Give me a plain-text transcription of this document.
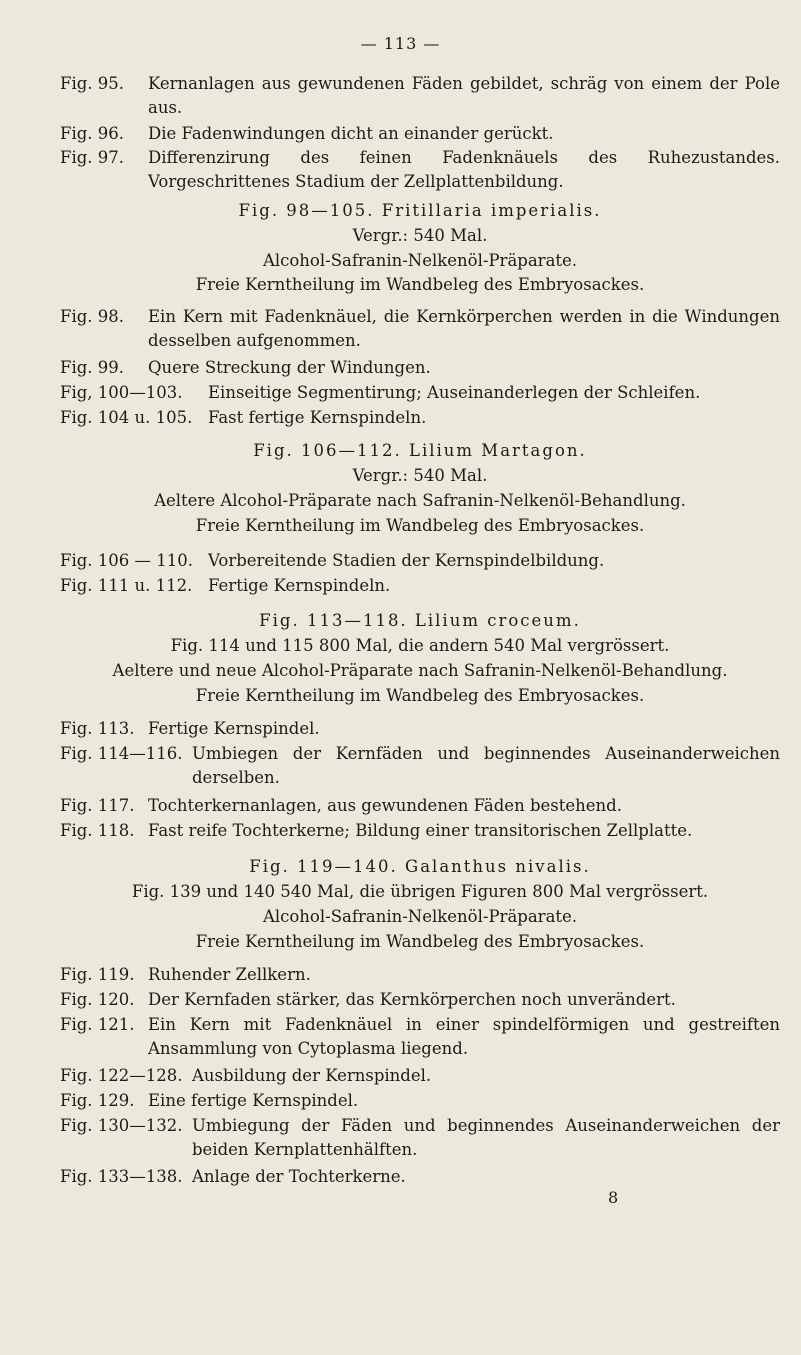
— 113 —
Fig. 95. Kernanlagen aus gewundenen Fäden gebildet, schräg von einem der Pole aus.
Fig. 96. Die Fadenwindungen dicht an einander gerückt.
Fig. 97. Differenzirung des feinen Fadenknäuels des Ruhezustandes. Vorgeschrittenes Stadium der Zellplattenbildung.
Fig. 98—105. Fritillaria imperialis.
Vergr.: 540 Mal.
Alcohol-Safranin-Nelkenöl-Präparate.
Freie Kerntheilung im Wandbeleg des Embryosackes.
Fig. 98. Ein Kern mit Fadenknäuel, die Kernkörperchen werden in die Windungen desselben aufgenommen.
Fig. 99. Quere Streckung der Windungen.
Fig, 100—103. Einseitige Segmentirung; Auseinanderlegen der Schleifen.
Fig. 104 u. 105. Fast fertige Kernspindeln.
Fig. 106—112. Lilium Martagon.
Vergr.: 540 Mal.
Aeltere Alcohol-Präparate nach Safranin-Nelkenöl-Behandlung.
Freie Kerntheilung im Wandbeleg des Embryosackes.
Fig. 106 — 110. Vorbereitende Stadien der Kernspindelbildung.
Fig. 111 u. 112. Fertige Kernspindeln.
Fig. 113—118. Lilium croceum.
Fig. 114 und 115 800 Mal, die andern 540 Mal vergrössert.
Aeltere und neue Alcohol-Präparate nach Safranin-Nelkenöl-Behandlung.
Freie Kerntheilung im Wandbeleg des Embryosackes.
Fig. 113. Fertige Kernspindel.
Fig. 114—116. Umbiegen der Kernfäden und beginnendes Auseinanderweichen derselben.
Fig. 117. Tochterkernanlagen, aus gewundenen Fäden bestehend.
Fig. 118. Fast reife Tochterkerne; Bildung einer transitorischen Zellplatte.
Fig. 119—140. Galanthus nivalis.
Fig. 139 und 140 540 Mal, die übrigen Figuren 800 Mal vergrössert.
Alcohol-Safranin-Nelkenöl-Präparate.
Freie Kerntheilung im Wandbeleg des Embryosackes.
Fig. 119. Ruhender Zellkern.
Fig. 120. Der Kernfaden stärker, das Kernkörperchen noch unverändert.
Fig. 121. Ein Kern mit Fadenknäuel in einer spindelförmigen und gestreiften Ansammlung von Cytoplasma liegend.
Fig. 122—128. Ausbildung der Kernspindel.
Fig. 129. Eine fertige Kernspindel.
Fig. 130—132. Umbiegung der Fäden und beginnendes Auseinanderweichen der beiden Kernplattenhälften.
Fig. 133—138. Anlage der Tochterkerne.
8
